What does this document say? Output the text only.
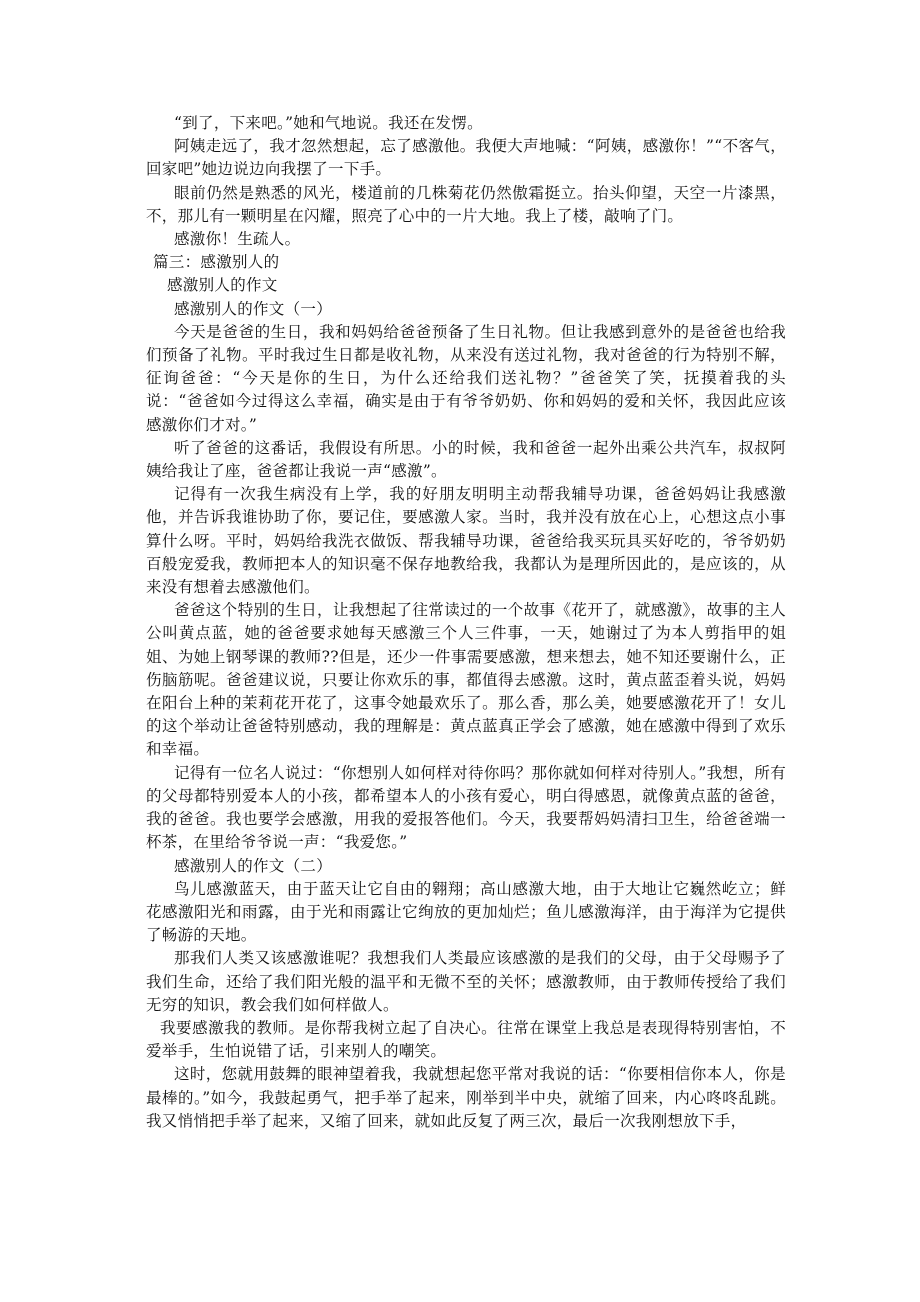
“到了，下来吧。”她和气地说。我还在发愣。

阿姨走远了，我才忽然想起，忘了感激他。我便大声地喊：“阿姨，感激你！”“不客气，回家吧”她边说边向我摆了一下手。

眼前仍然是熟悉的风光，楼道前的几株菊花仍然傲霜挺立。抬头仰望，天空一片漆黑，不，那儿有一颗明星在闪耀，照亮了心中的一片大地。我上了楼，敲响了门。

感激你！生疏人。

篇三：感激别人的

感激别人的作文

感激别人的作文（一）

今天是爸爸的生日，我和妈妈给爸爸预备了生日礼物。但让我感到意外的是爸爸也给我们预备了礼物。平时我过生日都是收礼物，从来没有送过礼物，我对爸爸的行为特别不解，征询爸爸：“今天是你的生日，为什么还给我们送礼物？”爸爸笑了笑，抚摸着我的头说：“爸爸如今过得这么幸福，确实是由于有爷爷奶奶、你和妈妈的爱和关怀，我因此应该感激你们才对。”

听了爸爸的这番话，我假设有所思。小的时候，我和爸爸一起外出乘公共汽车，叔叔阿姨给我让了座，爸爸都让我说一声“感激”。

记得有一次我生病没有上学，我的好朋友明明主动帮我辅导功课，爸爸妈妈让我感激他，并告诉我谁协助了你，要记住，要感激人家。当时，我并没有放在心上，心想这点小事算什么呀。平时，妈妈给我洗衣做饭、帮我辅导功课，爸爸给我买玩具买好吃的，爷爷奶奶百般宠爱我，教师把本人的知识毫不保存地教给我，我都认为是理所因此的，是应该的，从来没有想着去感激他们。

爸爸这个特别的生日，让我想起了往常读过的一个故事《花开了，就感激》，故事的主人公叫黄点蓝，她的爸爸要求她每天感激三个人三件事，一天，她谢过了为本人剪指甲的姐姐、为她上钢琴课的教师??但是，还少一件事需要感激，想来想去，她不知还要谢什么，正伤脑筋呢。爸爸建议说，只要让你欢乐的事，都值得去感激。这时，黄点蓝歪着头说，妈妈在阳台上种的茉莉花开花了，这事令她最欢乐了。那么香，那么美，她要感激花开了！女儿的这个举动让爸爸特别感动，我的理解是：黄点蓝真正学会了感激，她在感激中得到了欢乐和幸福。

记得有一位名人说过：“你想别人如何样对待你吗？那你就如何样对待别人。”我想，所有的父母都特别爱本人的小孩，都希望本人的小孩有爱心，明白得感恩，就像黄点蓝的爸爸，我的爸爸。我也要学会感激，用我的爱报答他们。今天，我要帮妈妈清扫卫生，给爸爸端一杯茶，在里给爷爷说一声：“我爱您。”

感激别人的作文（二）

鸟儿感激蓝天，由于蓝天让它自由的翱翔；高山感激大地，由于大地让它巍然屹立；鲜花感激阳光和雨露，由于光和雨露让它绚放的更加灿烂；鱼儿感激海洋，由于海洋为它提供了畅游的天地。

那我们人类又该感激谁呢？我想我们人类最应该感激的是我们的父母，由于父母赐予了我们生命，还给了我们阳光般的温平和无微不至的关怀；感激教师，由于教师传授给了我们无穷的知识，教会我们如何样做人。

我要感激我的教师。是你帮我树立起了自决心。往常在课堂上我总是表现得特别害怕，不爱举手，生怕说错了话，引来别人的嘲笑。

这时，您就用鼓舞的眼神望着我，我就想起您平常对我说的话：“你要相信你本人，你是最棒的。”如今，我鼓起勇气，把手举了起来，刚举到半中央，就缩了回来，内心咚咚乱跳。我又悄悄把手举了起来，又缩了回来，就如此反复了两三次，最后一次我刚想放下手，
